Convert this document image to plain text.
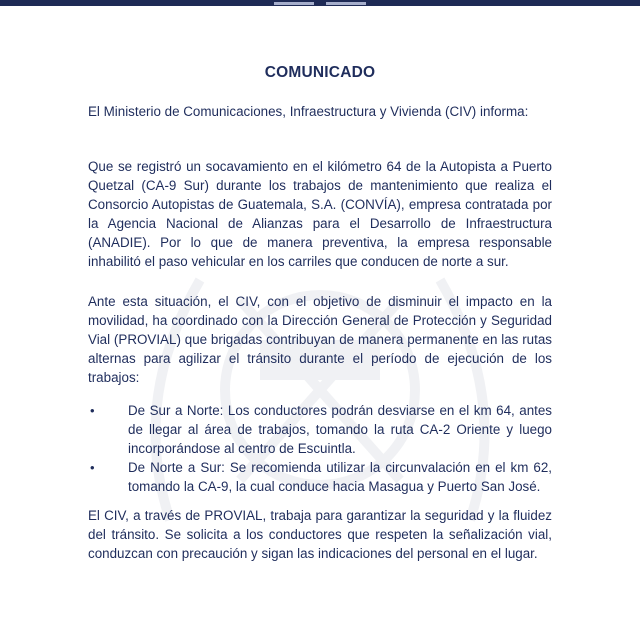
COMUNICADO

El Ministerio de Comunicaciones, Infraestructura y Vivienda (CIV) informa:

Que se registró un socavamiento en el kilómetro 64 de la Autopista a Puerto Quetzal (CA-9 Sur) durante los trabajos de mantenimiento que realiza el Consorcio Autopistas de Guatemala, S.A. (CONVÍA), empresa contratada por la Agencia Nacional de Alianzas para el Desarrollo de Infraestructura (ANADIE). Por lo que de manera preventiva, la empresa responsable inhabilitó el paso vehicular en los carriles que conducen de norte a sur.

Ante esta situación, el CIV, con el objetivo de disminuir el impacto en la movilidad, ha coordinado con la Dirección General de Protección y Seguridad Vial (PROVIAL) que brigadas contribuyan de manera permanente en las rutas alternas para agilizar el tránsito durante el período de ejecución de los trabajos:

• De Sur a Norte: Los conductores podrán desviarse en el km 64, antes de llegar al área de trabajos, tomando la ruta CA-2 Oriente y luego incorporándose al centro de Escuintla.
• De Norte a Sur: Se recomienda utilizar la circunvalación en el km 62, tomando la CA-9, la cual conduce hacia Masagua y Puerto San José.

El CIV, a través de PROVIAL, trabaja para garantizar la seguridad y la fluidez del tránsito. Se solicita a los conductores que respeten la señalización vial, conduzcan con precaución y sigan las indicaciones del personal en el lugar.
